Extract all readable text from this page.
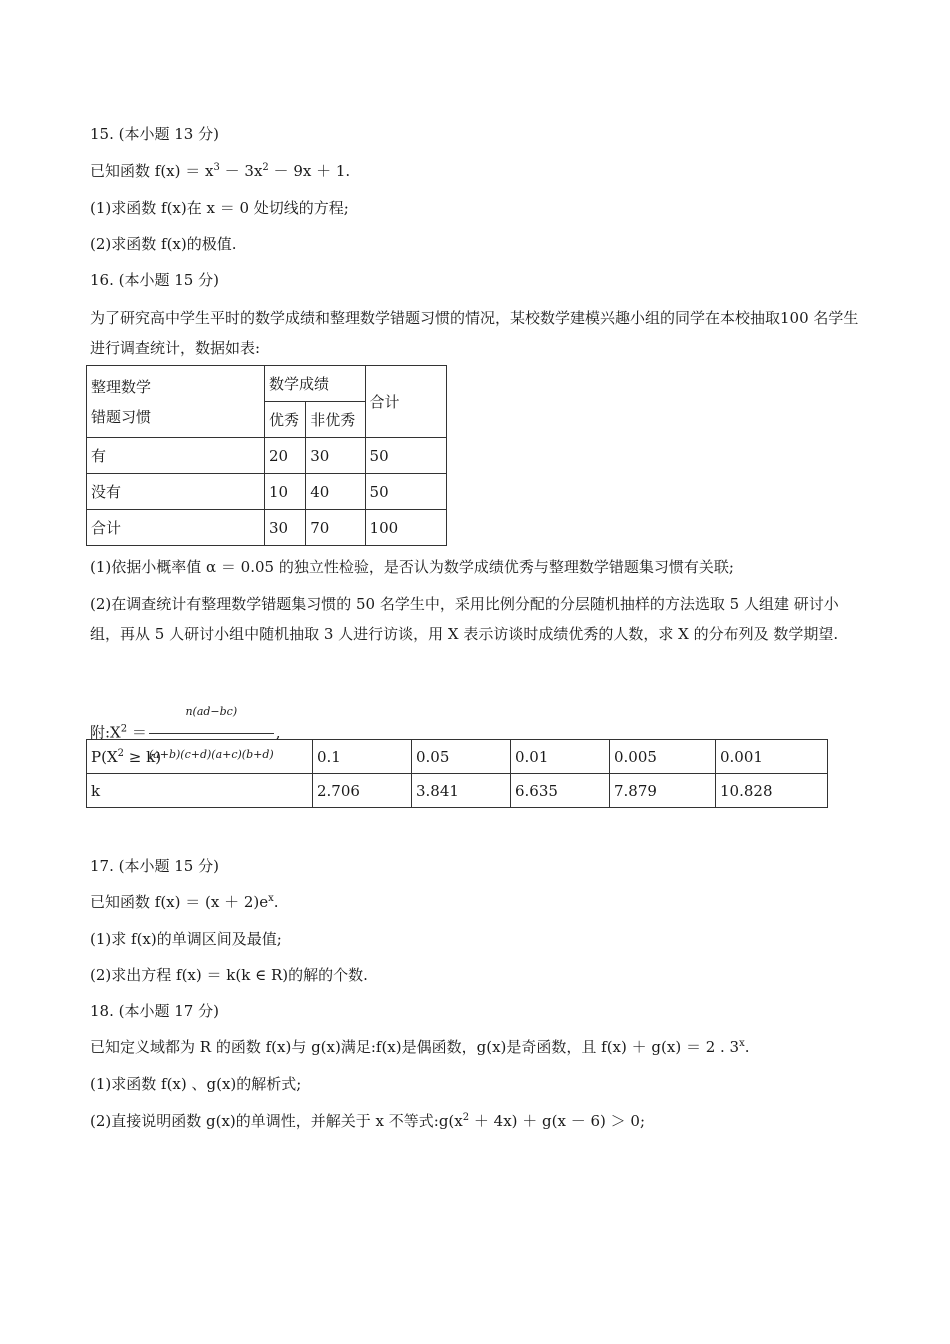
15. (本小题 13 分)
已知函数 $f(x) = x^3 - 3x^2 - 9x + 1$.
(1)求函数 f(x)在 x ＝ 0 处切线的方程;
(2)求函数 f(x)的极值.
16. (本小题 15 分)
为了研究高中学生平时的数学成绩和整理数学错题习惯的情况，某校数学建模兴趣小组的同学在本校抽取100 名学生进行调查统计，数据如表:
整理数学
错题习惯	数学成绩		合计
	优秀	非优秀	
有	20	30	50
没有	10	40	50
合计	30	70	100
(1)依据小概率值 α ＝ 0.05 的独立性检验，是否认为数学成绩优秀与整理数学错题集习惯有关联;
(2)在调查统计有整理数学错题集习惯的 50 名学生中，采用比例分配的分层随机抽样的方法选取 5 人组建 研讨小组，再从 5 人研讨小组中随机抽取 3 人进行访谈，用 X 表示访谈时成绩优秀的人数，求 X 的分布列及 数学期望.
附$:X^2 = \frac{n(ad-bc)}{(a+b)(c+d)(a+c)(b+d)}$ ,
$P(X^2 \ge k)$	0.1	0.05	0.01	0.005	0.001
k	2.706	3.841	6.635	7.879	10.828
17. (本小题 15 分)
已知函数 $f(x) = (x + 2)e^x$.
(1)求 f(x)的单调区间及最值;
(2)求出方程 f(x) ＝ k(k ∈ R)的解的个数.
18. (本小题 17 分)
已知定义域都为 R 的函数 f(x)与 g(x)满足:f(x)是偶函数，g(x)是奇函数，且 f(x) ＋ g(x) ＝ 2 . 3$^x$.
(1)求函数 f(x) 、g(x)的解析式;
(2)直接说明函数 g(x)的单调性，并解关于 x 不等式$:g(x^2 + 4x) + g(x - 6) > 0$;
